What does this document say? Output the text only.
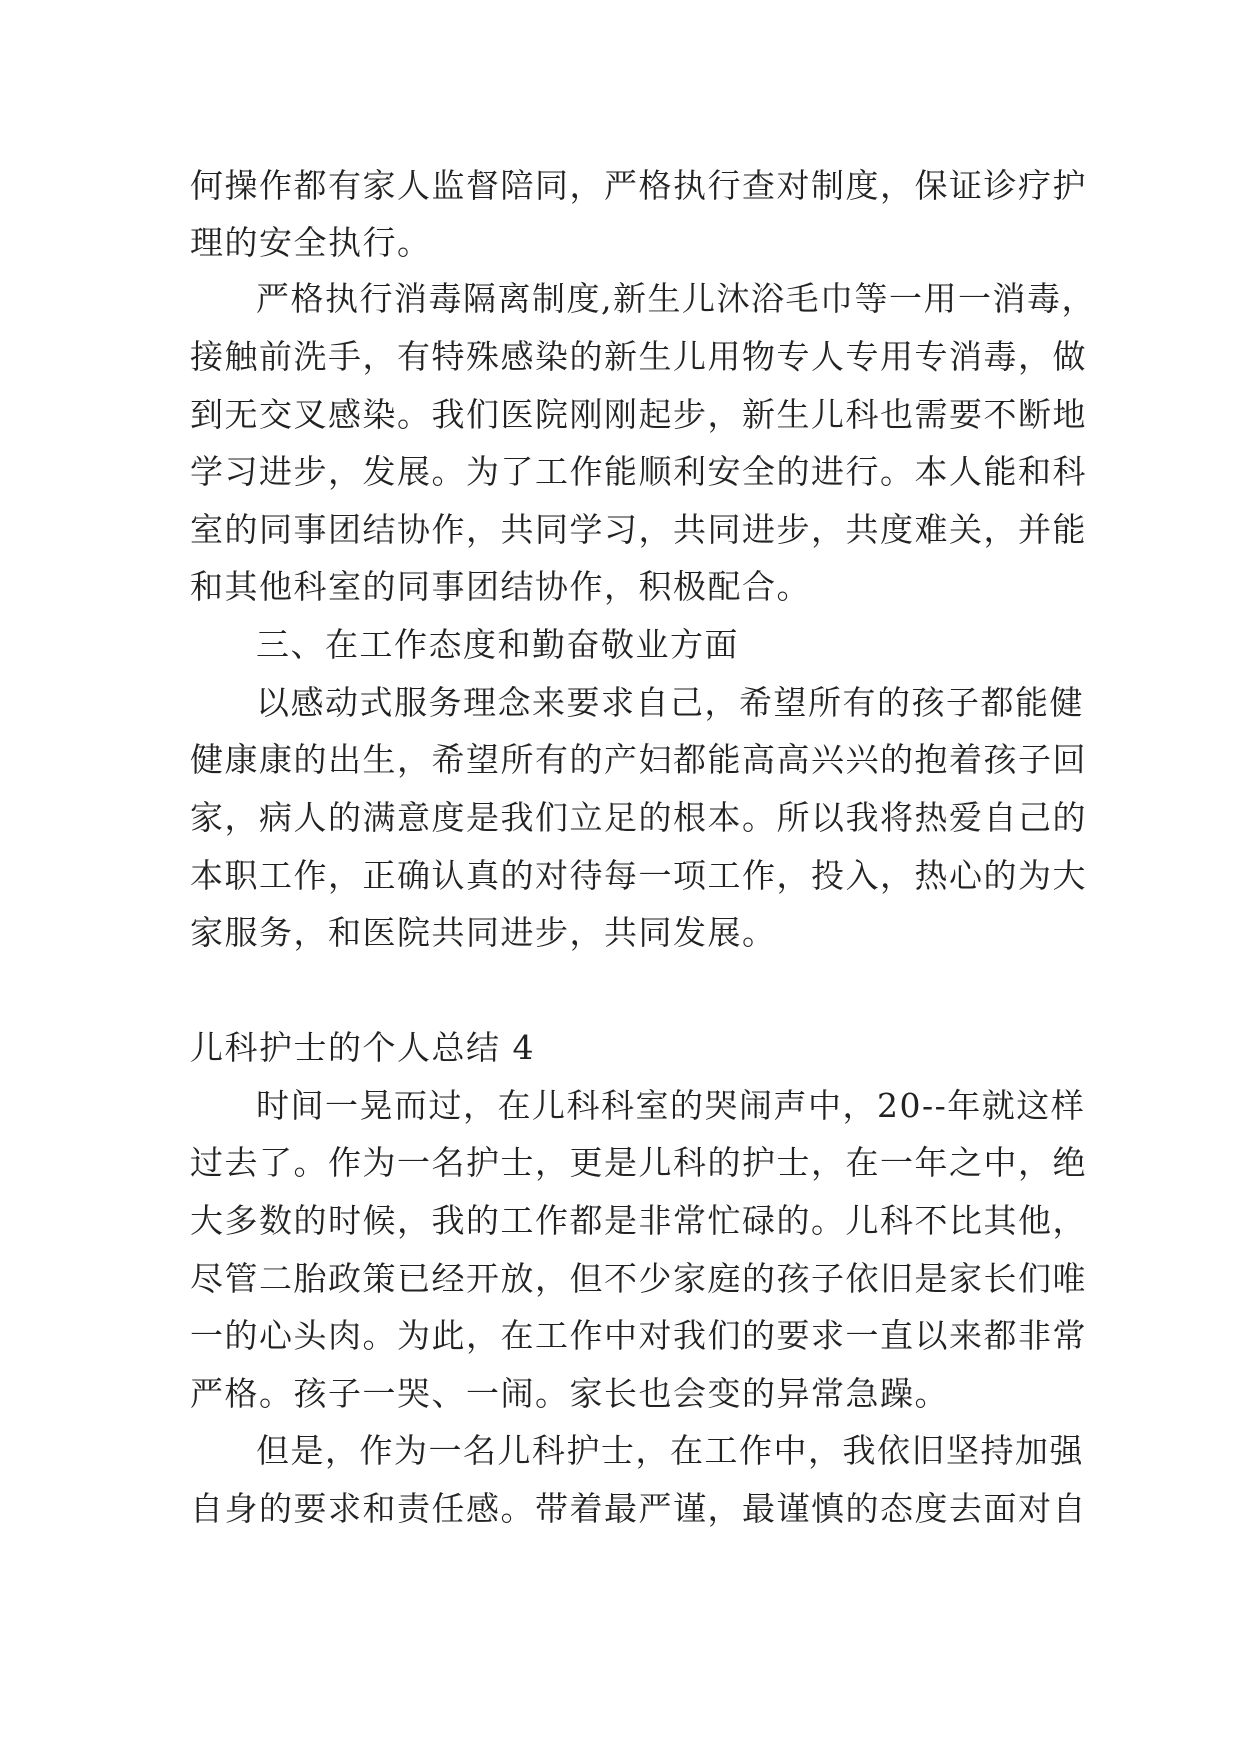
何操作都有家人监督陪同，严格执行查对制度，保证诊疗护
理的安全执行。
严格执行消毒隔离制度,新生儿沐浴毛巾等一用一消毒，
接触前洗手，有特殊感染的新生儿用物专人专用专消毒，做
到无交叉感染。我们医院刚刚起步，新生儿科也需要不断地
学习进步，发展。为了工作能顺利安全的进行。本人能和科
室的同事团结协作，共同学习，共同进步，共度难关，并能
和其他科室的同事团结协作，积极配合。
三、在工作态度和勤奋敬业方面
以感动式服务理念来要求自己，希望所有的孩子都能健
健康康的出生，希望所有的产妇都能高高兴兴的抱着孩子回
家，病人的满意度是我们立足的根本。所以我将热爱自己的
本职工作，正确认真的对待每一项工作，投入，热心的为大
家服务，和医院共同进步，共同发展。
儿科护士的个人总结 4
时间一晃而过，在儿科科室的哭闹声中，20--年就这样
过去了。作为一名护士，更是儿科的护士，在一年之中，绝
大多数的时候，我的工作都是非常忙碌的。儿科不比其他，
尽管二胎政策已经开放，但不少家庭的孩子依旧是家长们唯
一的心头肉。为此，在工作中对我们的要求一直以来都非常
严格。孩子一哭、一闹。家长也会变的异常急躁。
但是，作为一名儿科护士，在工作中，我依旧坚持加强
自身的要求和责任感。带着最严谨，最谨慎的态度去面对自
